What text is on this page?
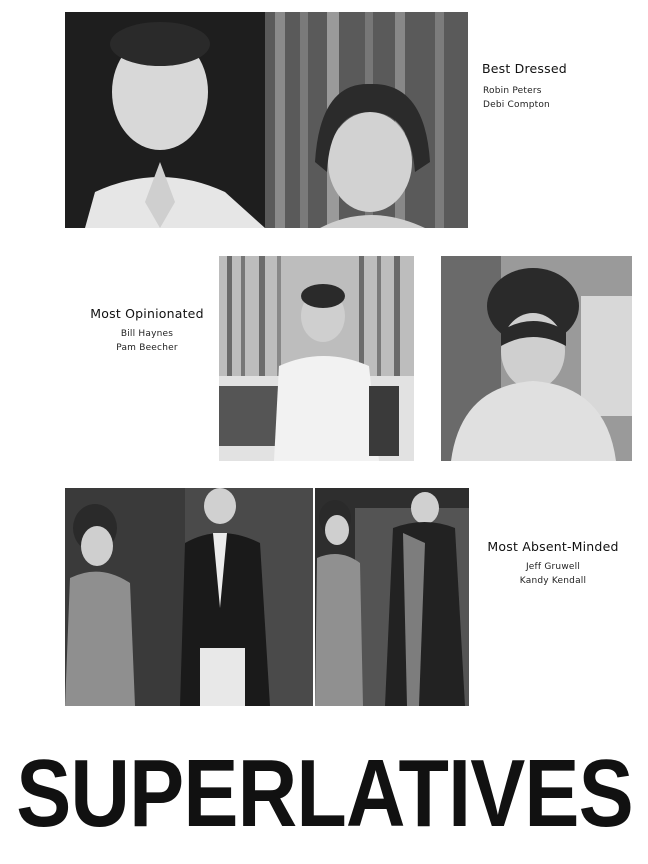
Best Dressed
Robin Peters
Debi Compton
Most Opinionated
Bill Haynes
Pam Beecher
Most Absent-Minded
Jeff Gruwell
Kandy Kendall
SUPERLATIVES
